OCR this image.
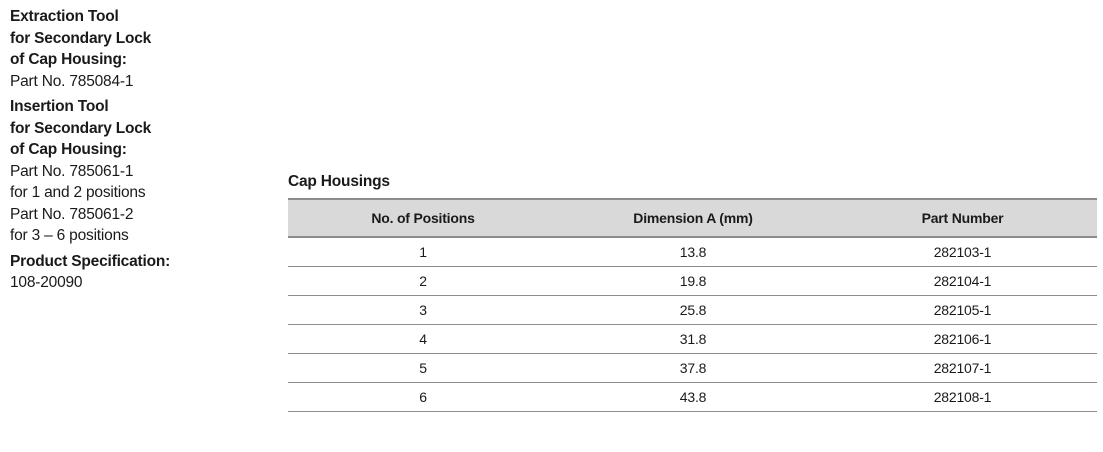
Extraction Tool
for Secondary Lock
of Cap Housing:
Part No. 785084-1
Insertion Tool
for Secondary Lock
of Cap Housing:
Part No. 785061-1
for 1 and 2 positions
Part No. 785061-2
for 3 – 6 positions
Product Specification:
108-20090
Cap Housings
No. of Positions	Dimension A (mm)	Part Number
1	13.8	282103-1
2	19.8	282104-1
3	25.8	282105-1
4	31.8	282106-1
5	37.8	282107-1
6	43.8	282108-1
